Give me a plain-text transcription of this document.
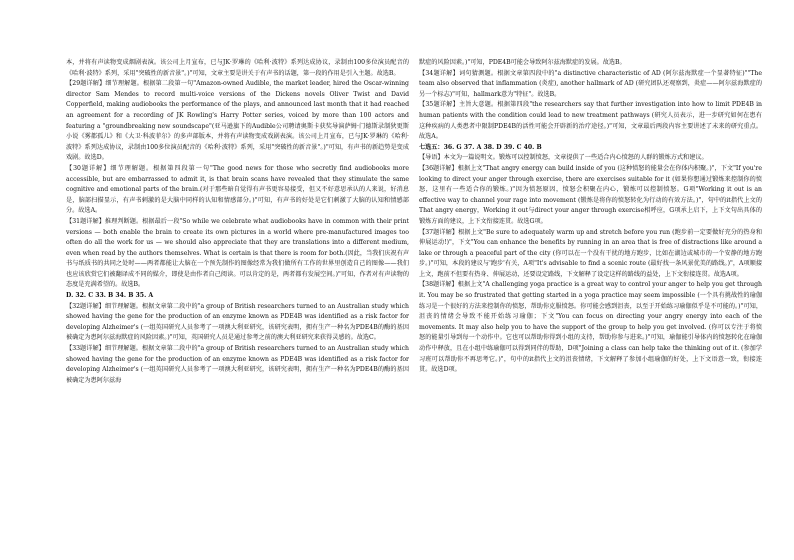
本，并将有声读物变成烟剧表演。该公司上月宣布，已与JK·罗琳的《哈利·波特》系列达成协议，录制由100多位演员配音的《哈利·波特》系列，采用"突破性的新音景"。)"可知，文章主要是讲关于有声书的话题，第一段的作用是引入主题。故选B。

【29题详解】细节理解题。根据第二段第一句"Amazon-owned Audible, the market leader, hired the Oscar-winning director Sam Mendes to record multi-voice versions of the Dickens novels Oliver Twist and David Copperfield, making audiobooks the performance of the plays, and announced last month that it had reached an agreement for a recording of JK Rowling's Harry Potter series, voiced by more than 100 actors and featuring a "groundbreaking new soundscape"(亚马逊旗下的Audible公司聘请奥斯卡获奖导演萨姆·门德斯录制狄更斯小说《雾都孤儿》和《大卫·科波菲尔》的多声部版本，并将有声读物变成戏剧表演。该公司上月宣布，已与JK·罗琳的《哈利·波特》系列达成协议，录制由100多位演员配音的《哈利·波特》系列，采用"突破性的新音景"。)"可知，有声书的新趋势是变成戏剧。故选D。

【30题详解】细节理解题。根据第四段第一句"The good news for those who secretly find audiobooks more accessible, but are embarrassed to admit it, is that brain scans have revealed that they stimulate the same cognitive and emotional parts of the brain.(对于那些暗自觉得有声书更容易接受，但又不好意思承认的人来说，好消息是，脑部扫描显示，有声书刺激的是大脑中同样的认知和情感部分。)"可知，有声书的好处是它们刺激了大脑的认知和情感部分。故选A。

【31题详解】推理判断题。根据最后一段"So while we celebrate what audiobooks have in common with their print versions — both enable the brain to create its own pictures in a world where pre-manufactured images too often do all the work for us — we should also appreciate that they are translations into a different medium, even when read by the authors themselves. What is certain is that there is room for both.(因此，当我们庆祝有声书与纸质书的共同之处时——两者都能让大脑在一个预先制作的图像经常为我们做所有工作的世界里创造自己的图像——我们也应该欣赏它们被翻译成不同的媒介，即使是由作者自己阅读。可以肯定的是，两者都有发展空间。)"可知，作者对有声读物的态度是充满希望的。故选B。

D. 32. C 33. B 34. B 35. A

【32题详解】细节理解题。根据文章第二段中的"a group of British researchers turned to an Australian study which showed having the gene for the production of an enzyme known as PDE4B was identified as a risk factor for developing Alzheimer's (一组英国研究人员参考了一项澳大利亚研究，该研究表明，拥有生产一种名为PDE4B的酶的基因被确定为患阿尔兹海默症的风险因素。)"可知，英国研究人员是通过参考之前的澳大利亚研究来获得灵感的。故选C。

【33题详解】细节理解题。根据文章第二段中的"a group of British researchers turned to an Australian study which showed having the gene for the production of an enzyme known as PDE4B was identified as a risk factor for developing Alzheimer's (一组英国研究人员参考了一项澳大利亚研究，该研究表明，拥有生产一种名为PDE4B的酶的基因被确定为患阿尔兹海

默症的风险因素。)"可知，PDE4B可能会导致阿尔兹海默症的发展。故选B。

【34题详解】词句猜测题。根据文章第四段中的"a distinctive characteristic of AD (阿尔兹海默症一个显著特征)""The team also observed that inflammation (炎症), another hallmark of AD (研究团队还观察到，炎症——阿尔兹海默症的另一个标志)"可知，hallmark意为"特征"。故选B。

【35题详解】主旨大意题。根据第四段"the researchers say that further investigation into how to limit PDE4B in human patients with the condition could lead to new treatment pathways (研究人员表示，进一步研究如何在患有这种疾病的人类患者中限制PDE4B的活性可能会开辟新的治疗途径。)"可知，文章最后两段内容主要讲述了未来的研究重点。故选A。

七选五：36. G 37. A 38. D 39. C 40. B

【导语】本文为一篇说明文。锻炼可以控制愤怒，文章提供了一些适合内心愤怒的人群的锻炼方式和建议。

【36题详解】根据上文"That angry energy can build inside of you (这种愤怒的能量会在你体内积聚。)"，下文"If you're looking to direct your anger through exercise, there are exercises suitable for it (如果你想通过锻炼来控制你的愤怒，这里有一些适合你的锻炼。)"因为愤怒原因，愤怒会积聚在内心，锻炼可以控制愤怒。G项"Working it out is an effective way to channel your rage into movement (锻炼是将你的愤怒转化为行动的有效方法。)"，句中的it指代上文的That angry energy，Working it out与direct your anger through exercise相呼应，G项承上启下，上下文句出具体的锻炼方面的建议，上下文衔接连贯。故选G项。

【37题详解】根据上文"Be sure to adequately warm up and stretch before you run (跑步前一定要做好充分的热身和伸展运动!)"，下文"You can enhance the benefits by running in an area that is free of distractions like around a lake or through a peaceful part of the city (你可以在一个没有干扰的地方跑步，比如在湖边或城市的一个安静的地方跑步。)"可知，本段的建议与'跑步'有关，A项"It's advisable to find a scenic route (最好找一条风景优美的路线。)"，A项顺接上文，跑前不但要有热身、伸展运动，还要设定路线，下文解释了设定这样的路线的益处，上下文衔接连贯。故选A项。

【38题详解】根据上文"A challenging yoga practice is a great way to control your anger to help you get through it. You may be so frustrated that getting started in a yoga practice may seem impossible (一个具有挑战性的瑜伽练习是一个很好的方法来控制你的愤怒，帮助你克服愤怒。你可能会感到沮丧，以至于开始练习瑜伽似乎是不可能的。)"可知，沮丧的情绪会导致不能开始练习瑜伽；下文"You can focus on directing your angry energy into each of the movements. It may also help you to have the support of the group to help you get involved. (你可以专注于将愤怒的能量引导到每一个动作中。它也可以帮助你得到小组的支持，帮助你参与进来。)"可知，瑜伽能引导体内的愤怒转化在瑜伽动作中释放，且在小组中练瑜伽可以得到同伴的帮助，D项"Joining a class can help take the thinking out of it. (参加学习班可以帮助你不再思考它。)"，句中的it指代上文的沮丧情绪，下文解释了参加小组瑜伽的好处，上下文语意一致，衔接连贯。故选D项。
